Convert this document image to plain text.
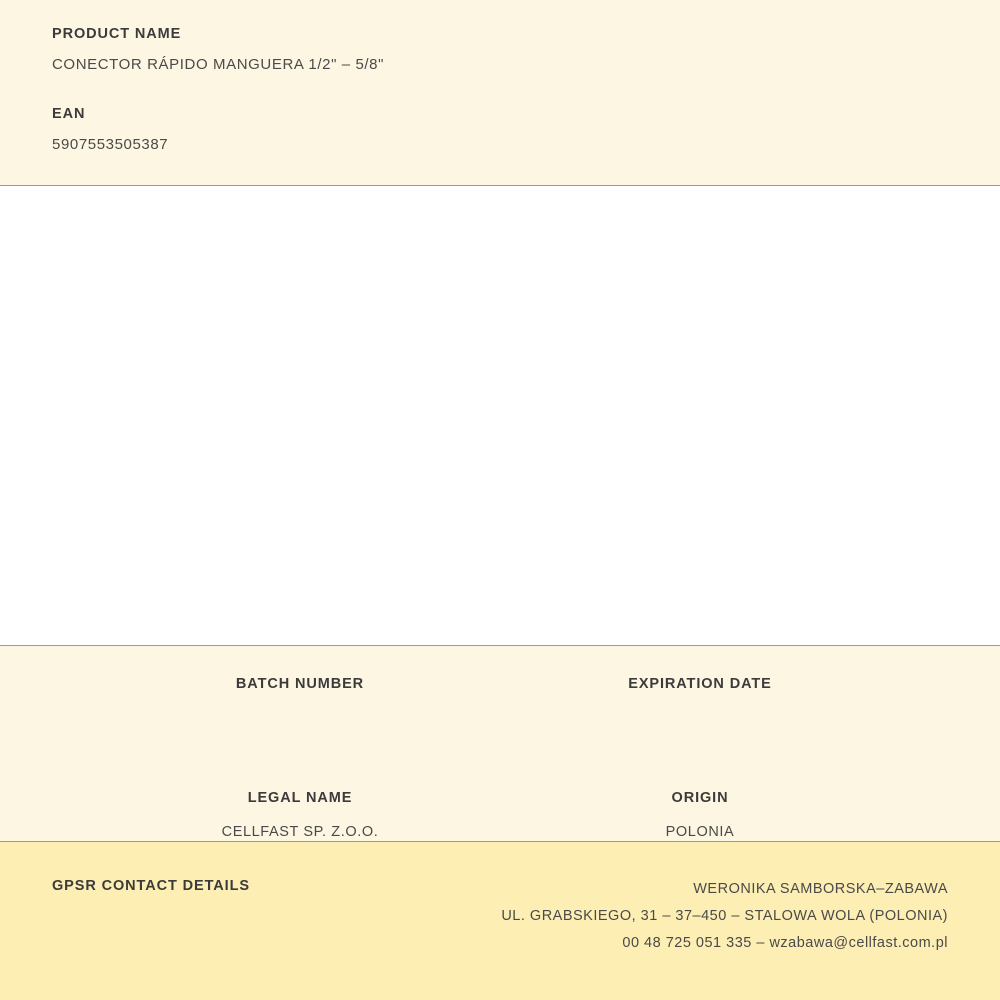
PRODUCT NAME
CONECTOR RÁPIDO MANGUERA 1/2" – 5/8"
EAN
5907553505387
BATCH NUMBER	EXPIRATION DATE
LEGAL NAME
CELLFAST SP. Z.O.O.
ORIGIN
POLONIA
GPSR CONTACT DETAILS	WERONIKA SAMBORSKA–ZABAWA
UL. GRABSKIEGO, 31 – 37–450 – STALOWA WOLA (POLONIA)
00 48 725 051 335 – wzabawa@cellfast.com.pl
